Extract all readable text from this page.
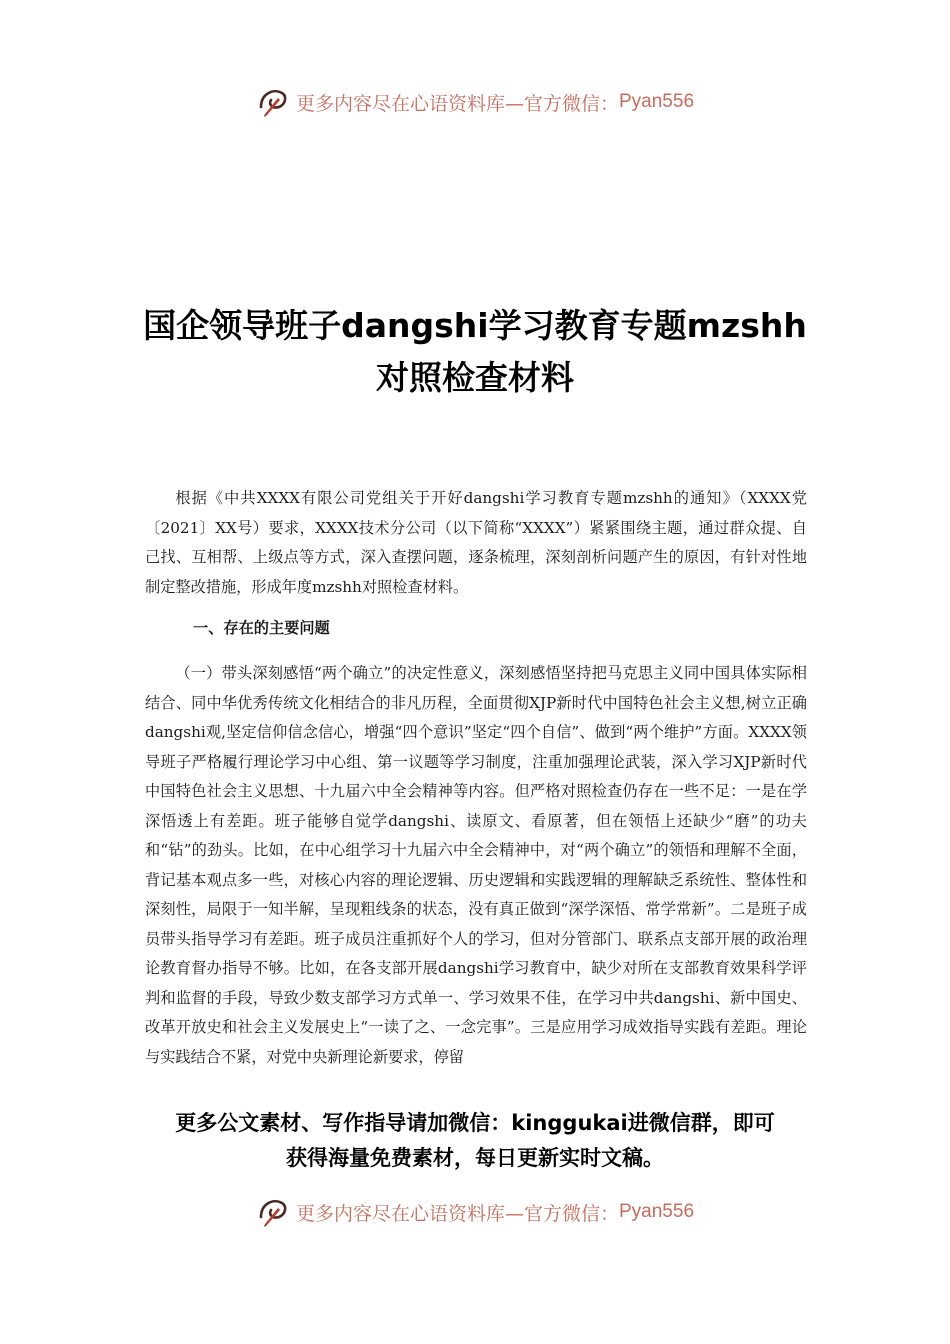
更多内容尽在心语资料库—官方微信： Pyan556
国企领导班子dangshi学习教育专题mzshh
对照检查材料
根据《中共XXXX有限公司党组关于开好dangshi学习教育专题mzshh的通知》（XXXX党〔2021〕XX号）要求，XXXX技术分公司（以下简称“XXXX”）紧紧围绕主题，通过群众提、自己找、互相帮、上级点等方式，深入查摆问题，逐条梳理，深刻剖析问题产生的原因，有针对性地制定整改措施，形成年度mzshh对照检查材料。
一、存在的主要问题
（一）带头深刻感悟“两个确立”的决定性意义，深刻感悟坚持把马克思主义同中国具体实际相结合、同中华优秀传统文化相结合的非凡历程，全面贯彻XJP新时代中国特色社会主义想,树立正确dangshi观,坚定信仰信念信心，增强“四个意识”坚定“四个自信”、做到“两个维护”方面。XXXX领导班子严格履行理论学习中心组、第一议题等学习制度，注重加强理论武装，深入学习XJP新时代中国特色社会主义思想、十九届六中全会精神等内容。但严格对照检查仍存在一些不足：一是在学深悟透上有差距。班子能够自觉学dangshi、读原文、看原著，但在领悟上还缺少“磨”的功夫和“钻”的劲头。比如，在中心组学习十九届六中全会精神中，对“两个确立”的领悟和理解不全面，背记基本观点多一些，对核心内容的理论逻辑、历史逻辑和实践逻辑的理解缺乏系统性、整体性和深刻性，局限于一知半解，呈现粗线条的状态，没有真正做到“深学深悟、常学常新”。二是班子成员带头指导学习有差距。班子成员注重抓好个人的学习，但对分管部门、联系点支部开展的政治理论教育督办指导不够。比如，在各支部开展dangshi学习教育中，缺少对所在支部教育效果科学评判和监督的手段，导致少数支部学习方式单一、学习效果不佳，在学习中共dangshi、新中国史、改革开放史和社会主义发展史上“一读了之、一念完事”。三是应用学习成效指导实践有差距。理论与实践结合不紧，对党中央新理论新要求，停留
更多公文素材、写作指导请加微信：kinggukai进微信群，即可
获得海量免费素材，每日更新实时文稿。
更多内容尽在心语资料库—官方微信： Pyan556
